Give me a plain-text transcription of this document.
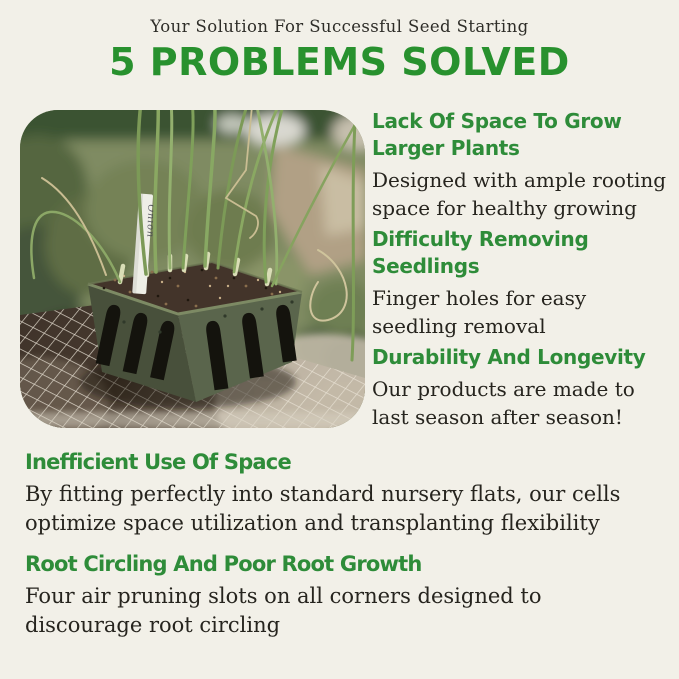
Your Solution For Successful Seed Starting
5 PROBLEMS SOLVED
Onion
Lack Of Space To Grow
Larger Plants
Designed with ample rooting
space for healthy growing
Difficulty Removing
Seedlings
Finger holes for easy
seedling removal
Durability And Longevity
Our products are made to
last season after season!
Inefficient Use Of Space
By fitting perfectly into standard nursery flats, our cells
optimize space utilization and transplanting flexibility
Root Circling And Poor Root Growth
Four air pruning slots on all corners designed to
discourage root circling
